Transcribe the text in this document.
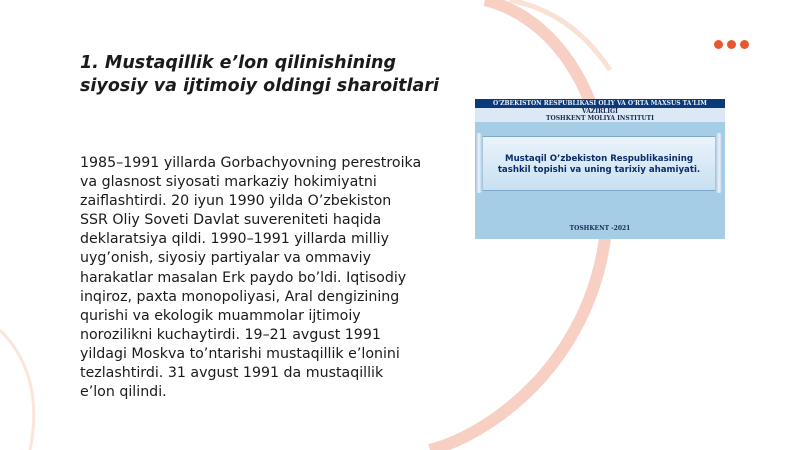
1. Mustaqillik e’lon qilinishining siyosiy va ijtimoiy oldingi sharoitlari
1985–1991 yillarda Gorbachyovning perestroika va glasnost siyosati markaziy hokimiyatni zaiflashtirdi. 20 iyun 1990 yilda O’zbekiston SSR Oliy Soveti Davlat suvereniteti haqida deklaratsiya qildi. 1990–1991 yillarda milliy uyg’onish, siyosiy partiyalar va ommaviy harakatlar masalan Erk paydo bo’ldi. Iqtisodiy inqiroz, paxta monopoliyasi, Aral dengizining qurishi va ekologik muammolar ijtimoiy norozilikni kuchaytirdi. 19–21 avgust 1991 yildagi Moskva to’ntarishi mustaqillik e’lonini tezlashtirdi. 31 avgust 1991 da mustaqillik e’lon qilindi.
O'ZBEKISTON RESPUBLIKASI OLIY VA O'RTA MAXSUS TA'LIM
VAZIRLIGI
TOSHKENT MOLIYA INSTITUTI
Mustaqil O’zbekiston Respublikasining tashkil topishi va uning tarixiy ahamiyati.
TOSHKENT -2021
